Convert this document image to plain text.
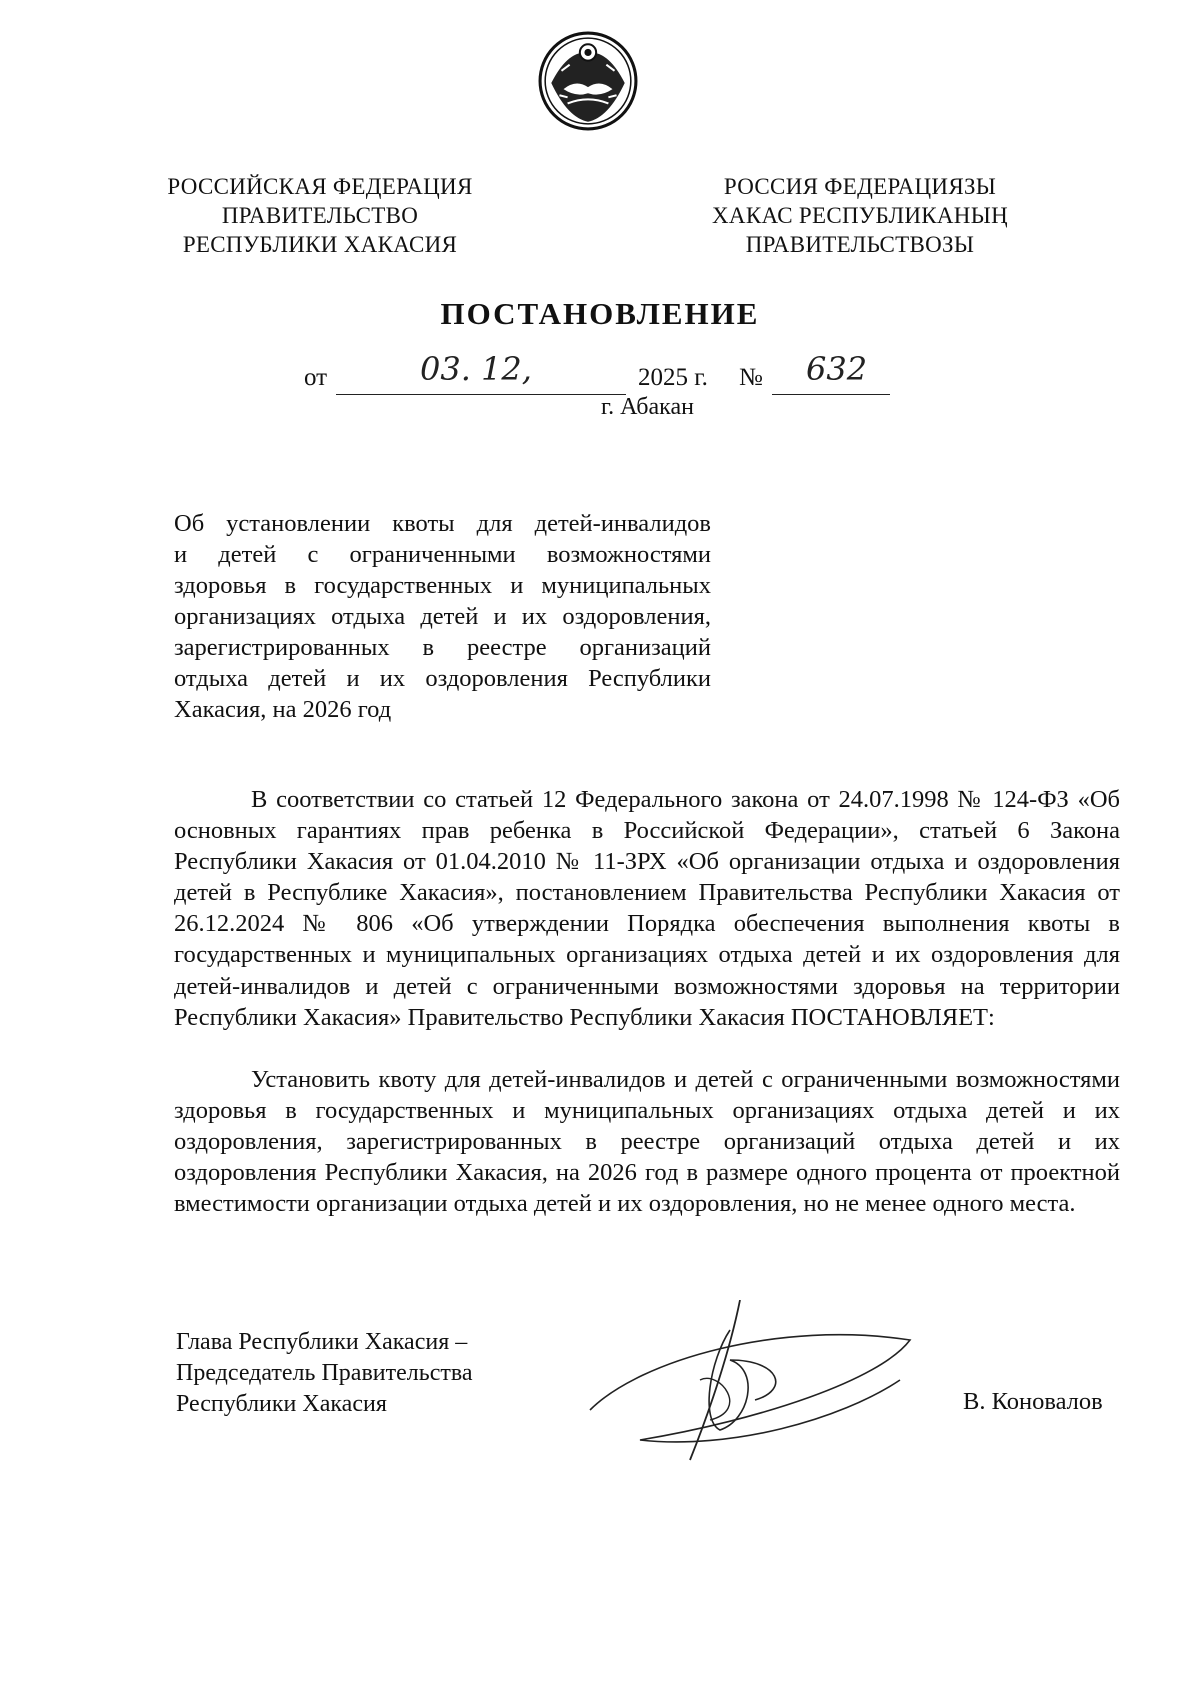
РОССИЙСКАЯ ФЕДЕРАЦИЯ
ПРАВИТЕЛЬСТВО
РЕСПУБЛИКИ ХАКАСИЯ
РОССИЯ ФЕДЕРАЦИЯЗЫ
ХАКАС РЕСПУБЛИКАНЫҢ
ПРАВИТЕЛЬСТВОЗЫ
ПОСТАНОВЛЕНИЕ
от	03. 12,	2025 г. № 632
г. Абакан
Об установлении квоты для детей-инвалидов
и детей с ограниченными возможностями
здоровья в государственных и муниципальных
организациях отдыха детей и их оздоровления,
зарегистрированных в реестре организаций
отдыха детей и их оздоровления Республики
Хакасия, на 2026 год

В соответствии со статьей 12 Федерального закона от 24.07.1998 № 124-ФЗ «Об основных гарантиях прав ребенка в Российской Федерации», статьей 6 Закона Республики Хакасия от 01.04.2010 № 11-ЗРХ «Об организации отдыха и оздоровления детей в Республике Хакасия», постановлением Правительства Республики Хакасия от 26.12.2024 № 806 «Об утверждении Порядка обеспечения выполнения квоты в государственных и муниципальных организациях отдыха детей и их оздоровления для детей-инвалидов и детей с ограниченными возможностями здоровья на территории Республики Хакасия» Правительство Республики Хакасия ПОСТАНОВЛЯЕТ:

Установить квоту для детей-инвалидов и детей с ограниченными возможностями здоровья в государственных и муниципальных организациях отдыха детей и их оздоровления, зарегистрированных в реестре организаций отдыха детей и их оздоровления Республики Хакасия, на 2026 год в размере одного процента от проектной вместимости организации отдыха детей и их оздоровления, но не менее одного места.

Глава Республики Хакасия –
Председатель Правительства
Республики Хакасия	В. Коновалов
